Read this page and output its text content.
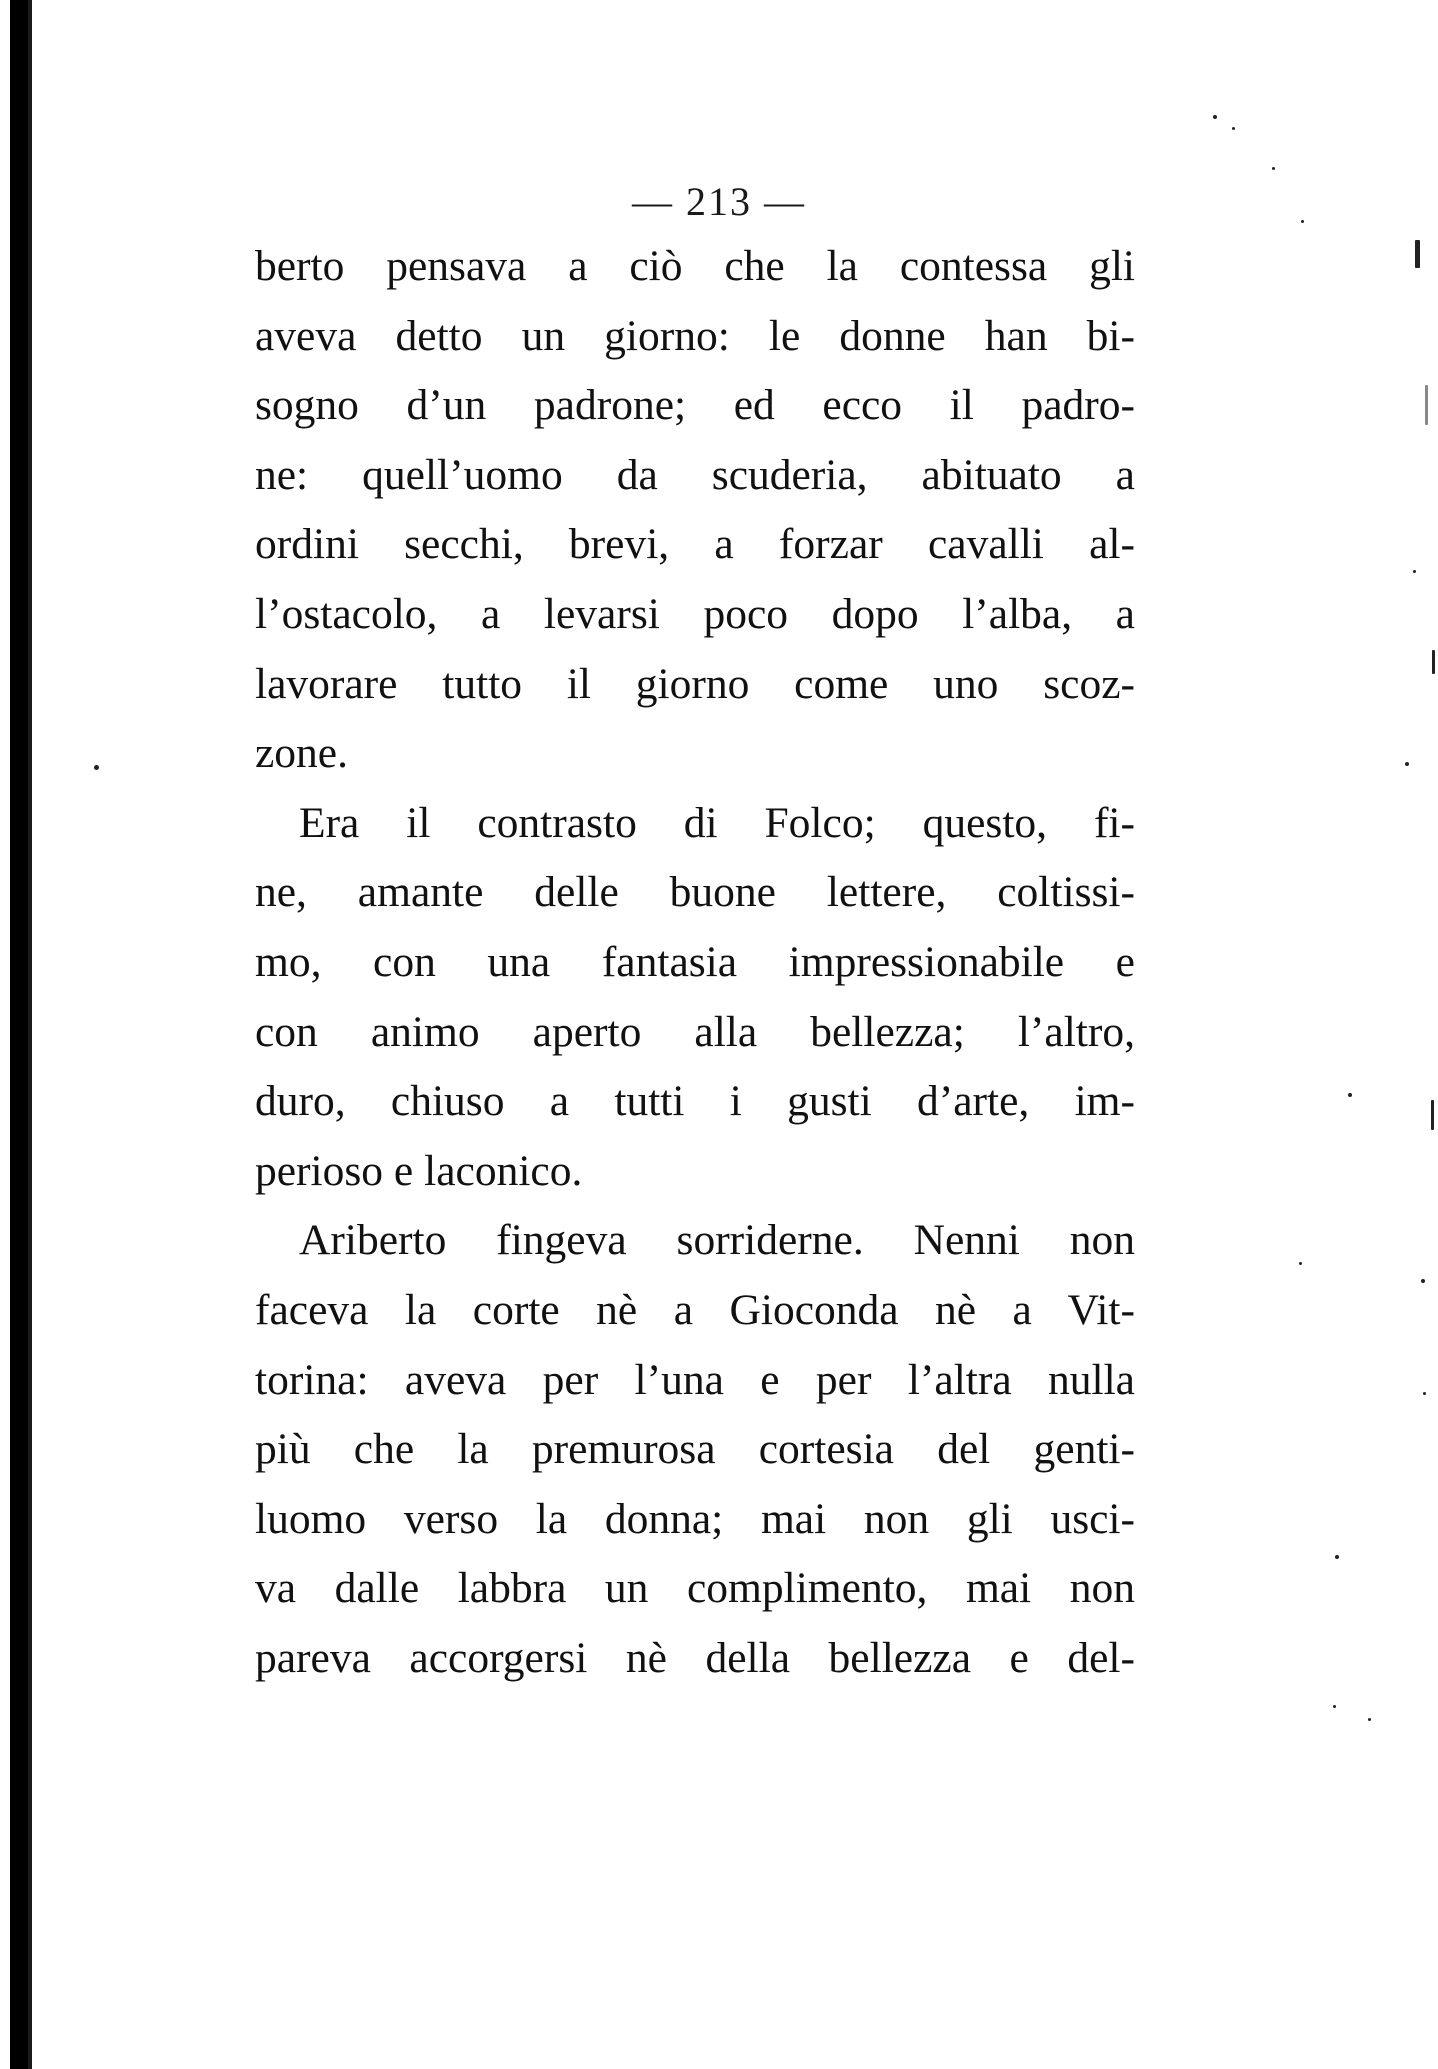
— 213 —
berto pensava a ciò che la contessa gli
aveva detto un giorno: le donne han bi-
sogno d’un padrone; ed ecco il padro-
ne: quell’uomo da scuderia, abituato a
ordini secchi, brevi, a forzar cavalli al-
l’ostacolo, a levarsi poco dopo l’alba, a
lavorare tutto il giorno come uno scoz-
zone.
Era il contrasto di Folco; questo, fi-
ne, amante delle buone lettere, coltissi-
mo, con una fantasia impressionabile e
con animo aperto alla bellezza; l’altro,
duro, chiuso a tutti i gusti d’arte, im-
perioso e laconico.
Ariberto fingeva sorriderne. Nenni non
faceva la corte nè a Gioconda nè a Vit-
torina: aveva per l’una e per l’altra nulla
più che la premurosa cortesia del genti-
luomo verso la donna; mai non gli usci-
va dalle labbra un complimento, mai non
pareva accorgersi nè della bellezza e del-
